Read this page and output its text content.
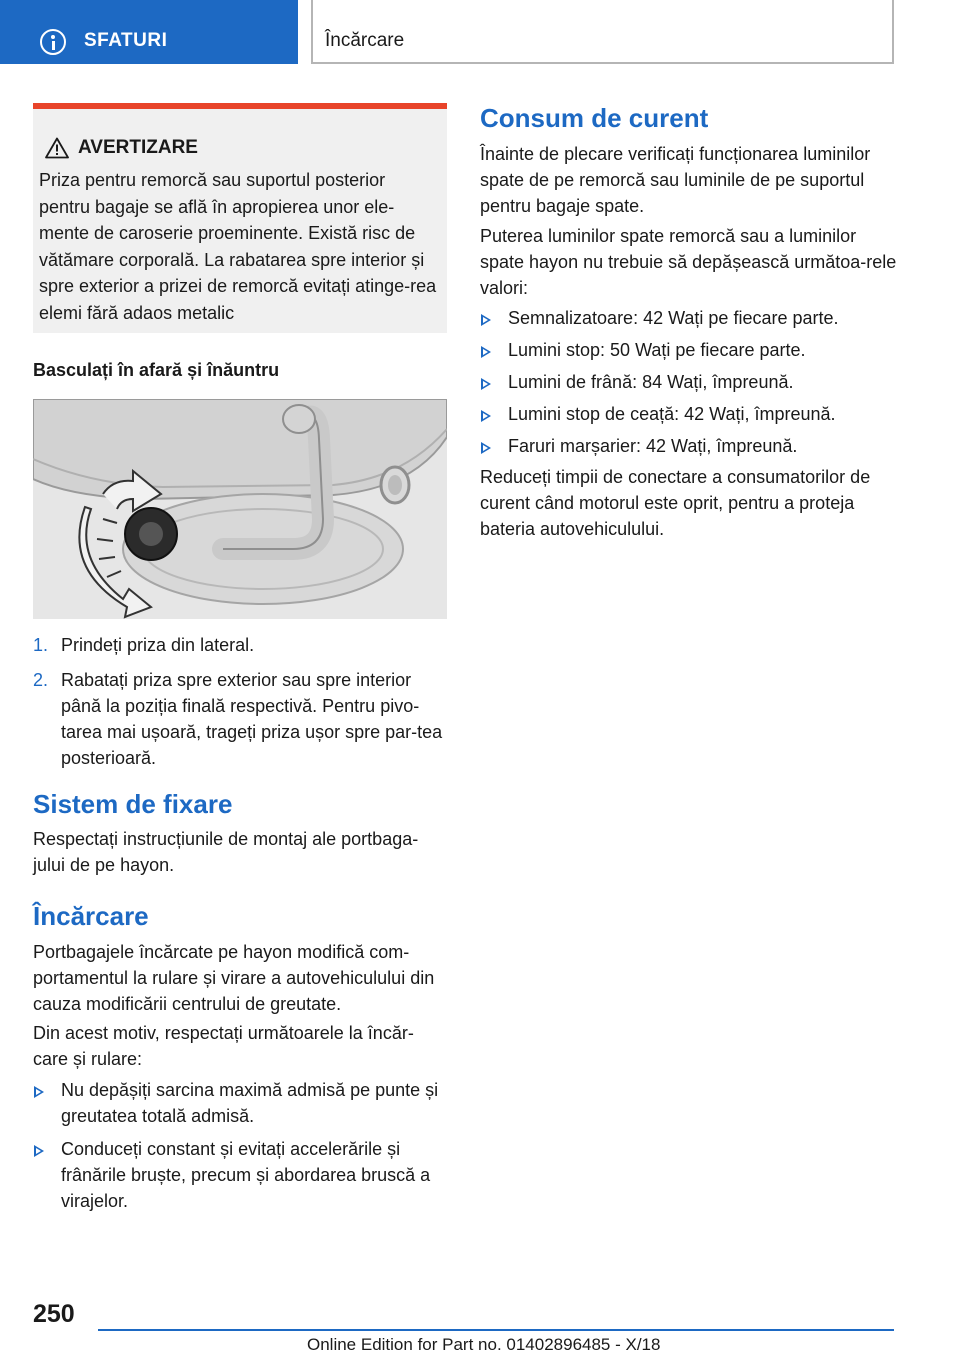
SFATURI	Încărcare
AVERTIZARE
Priza pentru remorcă sau suportul posterior pentru bagaje se află în apropierea unor ele-mente de caroserie proeminente. Există risc de vătămare corporală. La rabatarea spre interior și spre exterior a prizei de remorcă evitați atinge-rea elemi fără adaos metalic
Basculați în afară și înăuntru
1. Prindeți priza din lateral.
2. Rabatați priza spre exterior sau spre interior până la poziția finală respectivă. Pentru pivo-tarea mai ușoară, trageți priza ușor spre par-tea posterioară.
Sistem de fixare
Respectați instrucțiunile de montaj ale portbaga-jului de pe hayon.
Încărcare
Portbagajele încărcate pe hayon modifică com-portamentul la rulare și virare a autovehiculului din cauza modificării centrului de greutate.
Din acest motiv, respectați următoarele la încăr-care și rulare:
Nu depășiți sarcina maximă admisă pe punte și greutatea totală admisă.
Conduceți constant și evitați accelerările și frânările bruște, precum și abordarea bruscă a virajelor.
Consum de curent
Înainte de plecare verificați funcționarea luminilor spate de pe remorcă sau luminile de pe suportul pentru bagaje spate.
Puterea luminilor spate remorcă sau a luminilor spate hayon nu trebuie să depășească următoa-rele valori:
Semnalizatoare: 42 Wați pe fiecare parte.
Lumini stop: 50 Wați pe fiecare parte.
Lumini de frână: 84 Wați, împreună.
Lumini stop de ceață: 42 Wați, împreună.
Faruri marșarier: 42 Wați, împreună.
Reduceți timpii de conectare a consumatorilor de curent când motorul este oprit, pentru a proteja bateria autovehiculului.
250
Online Edition for Part no. 01402896485 - X/18
